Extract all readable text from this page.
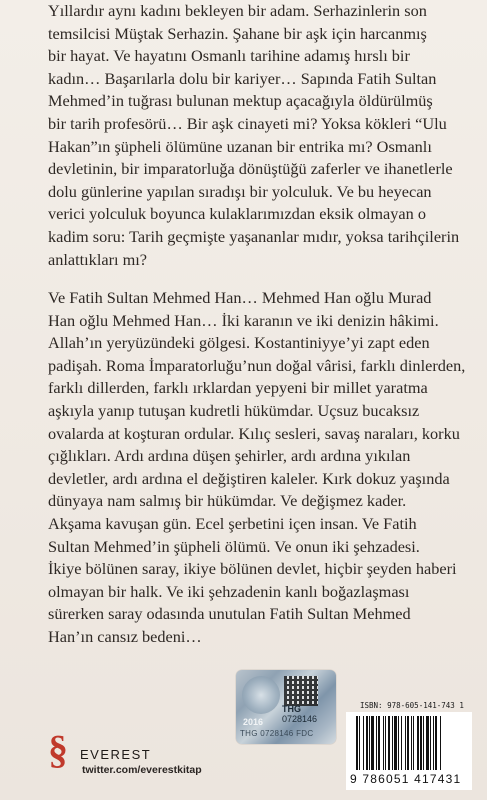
Yıllardır aynı kadını bekleyen bir adam. Serhazinlerin son
temsilcisi Müştak Serhazin. Şahane bir aşk için harcanmış
bir hayat. Ve hayatını Osmanlı tarihine adamış hırslı bir
kadın… Başarılarla dolu bir kariyer… Sapında Fatih Sultan
Mehmed’in tuğrası bulunan mektup açacağıyla öldürülmüş
bir tarih profesörü… Bir aşk cinayeti mi? Yoksa kökleri “Ulu
Hakan”ın şüpheli ölümüne uzanan bir entrika mı? Osmanlı
devletinin, bir imparatorluğa dönüştüğü zaferler ve ihanetlerle
dolu günlerine yapılan sıradışı bir yolculuk. Ve bu heyecan
verici yolculuk boyunca kulaklarımızdan eksik olmayan o
kadim soru: Tarih geçmişte yaşananlar mıdır, yoksa tarihçilerin
anlattıkları mı?
Ve Fatih Sultan Mehmed Han… Mehmed Han oğlu Murad
Han oğlu Mehmed Han… İki karanın ve iki denizin hâkimi.
Allah’ın yeryüzündeki gölgesi. Kostantiniyye’yi zapt eden
padişah. Roma İmparatorluğu’nun doğal vârisi, farklı dinlerden,
farklı dillerden, farklı ırklardan yepyeni bir millet yaratma
aşkıyla yanıp tutuşan kudretli hükümdar. Uçsuz bucaksız
ovalarda at koşturan ordular. Kılıç sesleri, savaş naraları, korku
çığlıkları. Ardı ardına düşen şehirler, ardı ardına yıkılan
devletler, ardı ardına el değiştiren kaleler. Kırk dokuz yaşında
dünyaya nam salmış bir hükümdar. Ve değişmez kader.
Akşama kavuşan gün. Ecel şerbetini içen insan. Ve Fatih
Sultan Mehmed’in şüpheli ölümü. Ve onun iki şehzadesi.
İkiye bölünen saray, ikiye bölünen devlet, hiçbir şeyden haberi
olmayan bir halk. Ve iki şehzadenin kanlı boğazlaşması
sürerken saray odasında unutulan Fatih Sultan Mehmed
Han’ın cansız bedeni…
THG
0728146
2016
THG 0728146 FDC
§ EVEREST
twitter.com/everestkitap
ISBN: 978-605-141-743 1
9 786051 417431
